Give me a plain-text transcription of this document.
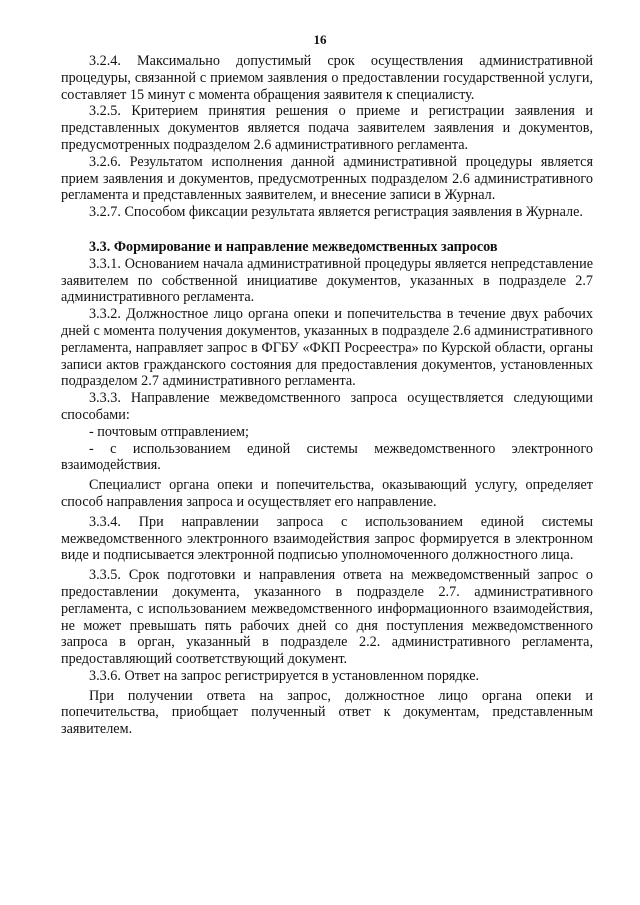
16

3.2.4. Максимально допустимый срок осуществления административной процедуры, связанной с приемом заявления о предоставлении государственной услуги, составляет 15 минут с момента обращения заявителя к специалисту.

3.2.5. Критерием принятия решения о приеме и регистрации заявления и представленных документов является подача заявителем заявления и документов, предусмотренных подразделом 2.6 административного регламента.

3.2.6. Результатом исполнения данной административной процедуры является прием заявления и документов, предусмотренных подразделом 2.6 административного регламента и представленных заявителем, и внесение записи в Журнал.

3.2.7. Способом фиксации результата является регистрация заявления в Журнале.

3.3. Формирование и направление межведомственных запросов

3.3.1. Основанием начала административной процедуры является непредставление заявителем по собственной инициативе документов, указанных в подразделе 2.7 административного регламента.

3.3.2. Должностное лицо органа опеки и попечительства в течение двух рабочих дней с момента получения документов, указанных в подразделе 2.6 административного регламента, направляет запрос в ФГБУ «ФКП Росреестра» по Курской области, органы записи актов гражданского состояния для предоставления документов, установленных подразделом 2.7 административного регламента.

3.3.3. Направление межведомственного запроса осуществляется следующими способами:

- почтовым отправлением;

- с использованием единой системы межведомственного электронного взаимодействия.

Специалист органа опеки и попечительства, оказывающий услугу, определяет способ направления запроса и осуществляет его направление.

3.3.4. При направлении запроса с использованием единой системы межведомственного электронного взаимодействия запрос формируется в электронном виде и подписывается электронной подписью уполномоченного должностного лица.

3.3.5. Срок подготовки и направления ответа на межведомственный запрос о предоставлении документа, указанного в подразделе 2.7. административного регламента, с использованием межведомственного информационного взаимодействия, не может превышать пять рабочих дней со дня поступления межведомственного запроса в орган, указанный в подразделе 2.2. административного регламента, предоставляющий соответствующий документ.

3.3.6. Ответ на запрос регистрируется в установленном порядке.

При получении ответа на запрос, должностное лицо органа опеки и попечительства, приобщает полученный ответ к документам, представленным заявителем.
